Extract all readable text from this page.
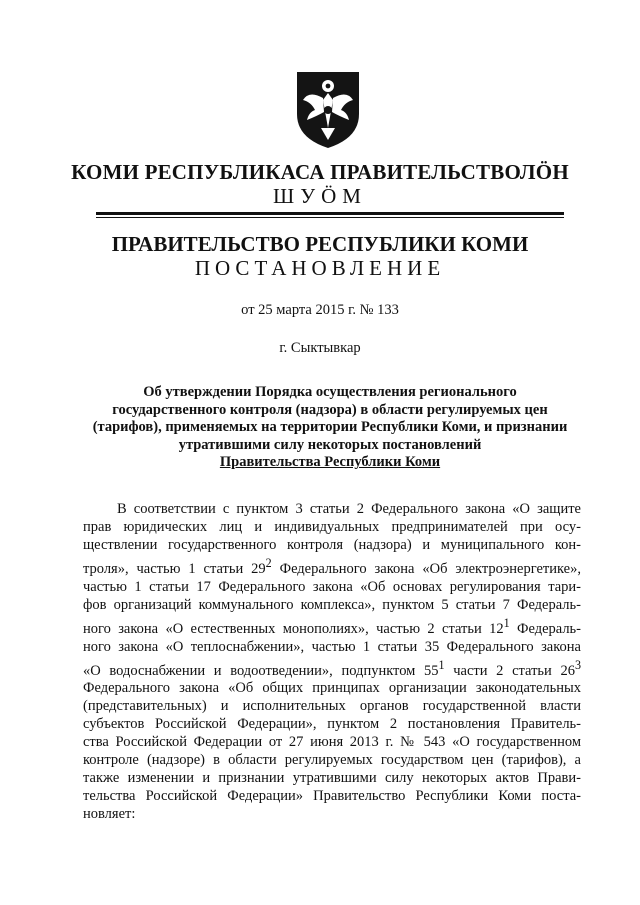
КОМИ РЕСПУБЛИКАСА ПРАВИТЕЛЬСТВОЛӦН
ШУӦМ
ПРАВИТЕЛЬСТВО РЕСПУБЛИКИ КОМИ
ПОСТАНОВЛЕНИЕ
от 25 марта 2015 г. № 133
г. Сыктывкар
Об утверждении Порядка осуществления регионального
государственного контроля (надзора) в области регулируемых цен
(тарифов), применяемых на территории Республики Коми, и признании
утратившими силу некоторых постановлений
Правительства Республики Коми
В соответствии с пунктом 3 статьи 2 Федерального закона «О защите
прав юридических лиц и индивидуальных предпринимателей при осу-
ществлении государственного контроля (надзора) и муниципального кон-
троля», частью 1 статьи $29^2$ Федерального закона «Об электроэнергетике»,
частью 1 статьи 17 Федерального закона «Об основах регулирования тари-
фов организаций коммунального комплекса», пунктом 5 статьи 7 Федераль-
ного закона «О естественных монополиях», частью 2 статьи $12^1$ Федераль-
ного закона «О теплоснабжении», частью 1 статьи 35 Федерального закона
«О водоснабжении и водоотведении», подпунктом $55^1$ части 2 статьи $26^3$
Федерального закона «Об общих принципах организации законодательных
(представительных) и исполнительных органов государственной власти
субъектов Российской Федерации», пунктом 2 постановления Правитель-
ства Российской Федерации от 27 июня 2013 г. № 543 «О государственном
контроле (надзоре) в области регулируемых государством цен (тарифов), а
также изменении и признании утратившими силу некоторых актов Прави-
тельства Российской Федерации» Правительство Республики Коми поста-
новляет:
